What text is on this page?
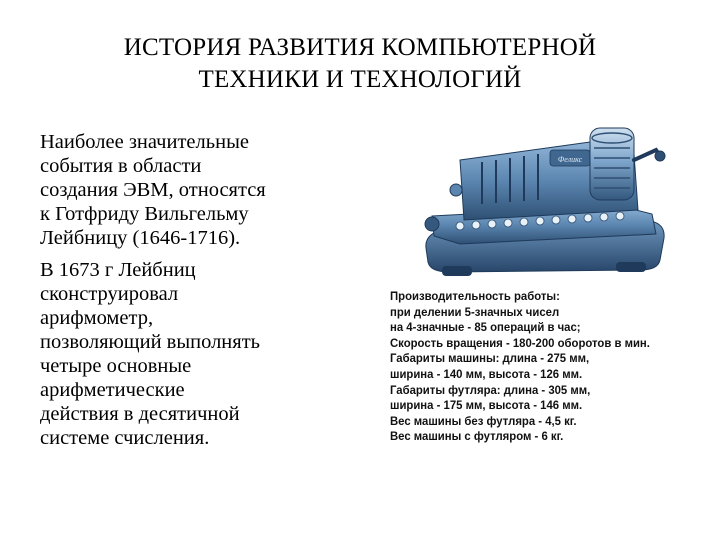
ИСТОРИЯ РАЗВИТИЯ КОМПЬЮТЕРНОЙ
ТЕХНИКИ И ТЕХНОЛОГИЙ

Наиболее значительные
события в области
создания ЭВМ, относятся
к Готфриду Вильгельму
Лейбницу (1646-1716).

В 1673 г Лейбниц
сконструировал
арифмометр,
позволяющий выполнять
четыре основные
арифметические
действия в десятичной
системе счисления.

Феликс
Производительность работы:
при делении 5-значных чисел
на 4-значные - 85 операций в час;
Скорость вращения - 180-200 оборотов в мин.
Габариты машины: длина - 275 мм,
ширина - 140 мм, высота - 126 мм.
Габариты футляра: длина - 305 мм,
ширина - 175 мм, высота - 146 мм.
Вес машины без футляра - 4,5 кг.
Вес машины с футляром - 6 кг.
